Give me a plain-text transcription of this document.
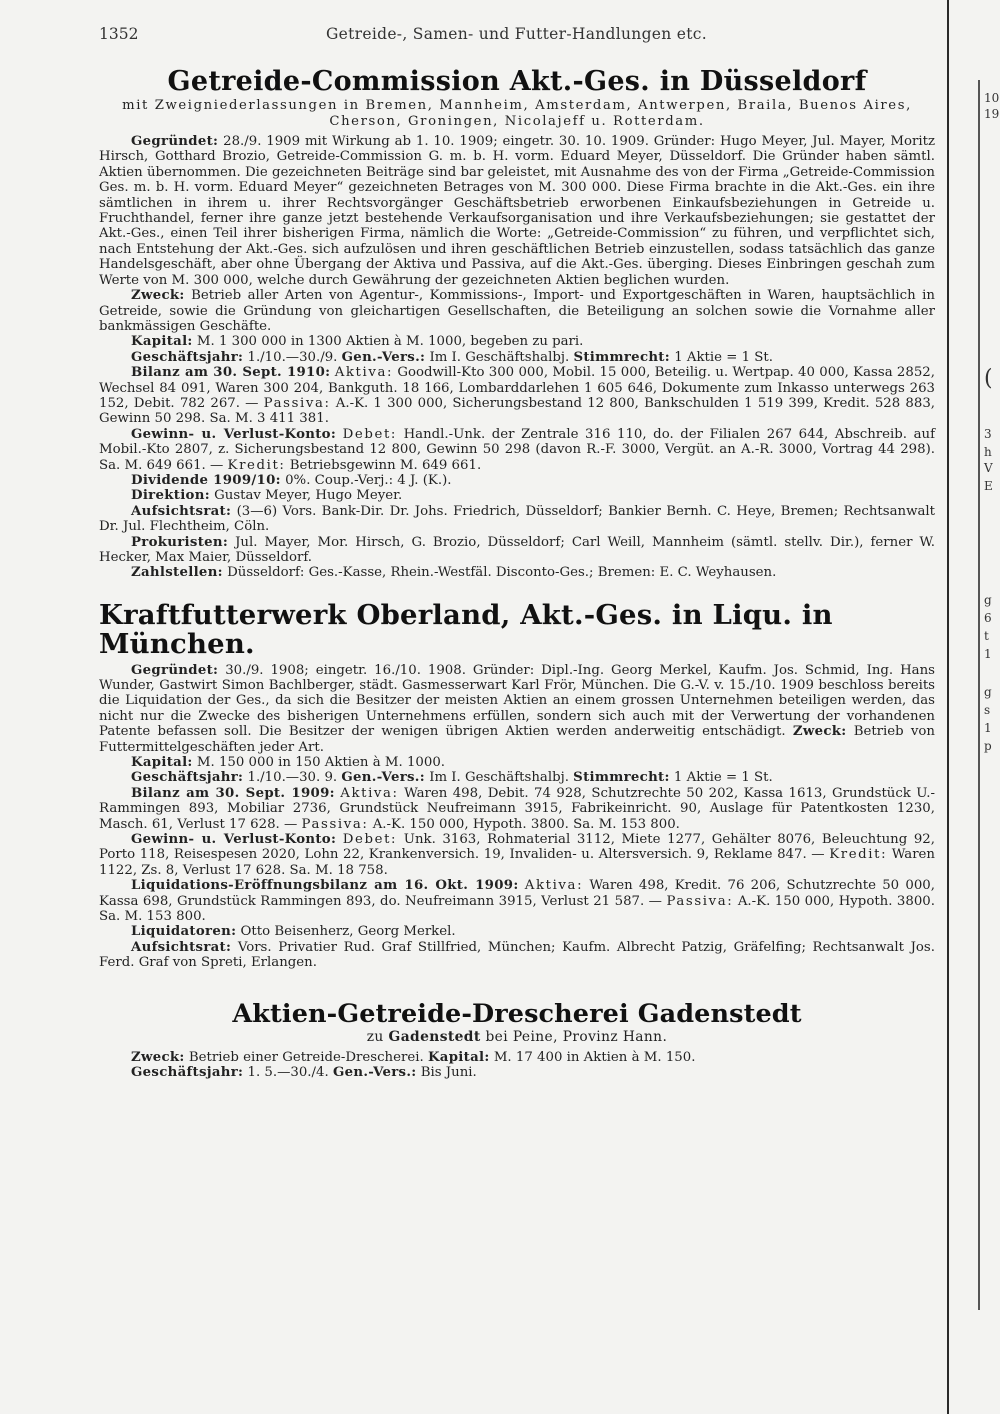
10
19
(
3
h
V
E
g
6
t
1
g
s
1
p
1352	Getreide-, Samen- und Futter-Handlungen etc.
Getreide-Commission Akt.-Ges. in Düsseldorf
mit Zweigniederlassungen in Bremen, Mannheim, Amsterdam, Antwerpen, Braila, Buenos Aires, Cherson, Groningen, Nicolajeff u. Rotterdam.

Gegründet: 28./9. 1909 mit Wirkung ab 1. 10. 1909; eingetr. 30. 10. 1909. Gründer: Hugo Meyer, Jul. Mayer, Moritz Hirsch, Gotthard Brozio, Getreide-Commission G. m. b. H. vorm. Eduard Meyer, Düsseldorf. Die Gründer haben sämtl. Aktien übernommen. Die gezeichneten Beiträge sind bar geleistet, mit Ausnahme des von der Firma „Getreide-Commission Ges. m. b. H. vorm. Eduard Meyer“ gezeichneten Betrages von M. 300 000. Diese Firma brachte in die Akt.-Ges. ein ihre sämtlichen in ihrem u. ihrer Rechtsvorgänger Geschäftsbetrieb erworbenen Einkaufsbeziehungen in Getreide u. Fruchthandel, ferner ihre ganze jetzt bestehende Verkaufsorganisation und ihre Verkaufsbeziehungen; sie gestattet der Akt.-Ges., einen Teil ihrer bisherigen Firma, nämlich die Worte: „Getreide-Commission“ zu führen, und verpflichtet sich, nach Entstehung der Akt.-Ges. sich aufzulösen und ihren geschäftlichen Betrieb einzustellen, sodass tatsächlich das ganze Handelsgeschäft, aber ohne Übergang der Aktiva und Passiva, auf die Akt.-Ges. überging. Dieses Einbringen geschah zum Werte von M. 300 000, welche durch Gewährung der gezeichneten Aktien beglichen wurden.

Zweck: Betrieb aller Arten von Agentur-, Kommissions-, Import- und Exportgeschäften in Waren, hauptsächlich in Getreide, sowie die Gründung von gleichartigen Gesellschaften, die Beteiligung an solchen sowie die Vornahme aller bankmässigen Geschäfte.

Kapital: M. 1 300 000 in 1300 Aktien à M. 1000, begeben zu pari.

Geschäftsjahr: 1./10.—30./9. Gen.-Vers.: Im I. Geschäftshalbj. Stimmrecht: 1 Aktie = 1 St.

Bilanz am 30. Sept. 1910: Aktiva: Goodwill-Kto 300 000, Mobil. 15 000, Beteilig. u. Wertpap. 40 000, Kassa 2852, Wechsel 84 091, Waren 300 204, Bankguth. 18 166, Lombarddarlehen 1 605 646, Dokumente zum Inkasso unterwegs 263 152, Debit. 782 267. — Passiva: A.-K. 1 300 000, Sicherungsbestand 12 800, Bankschulden 1 519 399, Kredit. 528 883, Gewinn 50 298. Sa. M. 3 411 381.

Gewinn- u. Verlust-Konto: Debet: Handl.-Unk. der Zentrale 316 110, do. der Filialen 267 644, Abschreib. auf Mobil.-Kto 2807, z. Sicherungsbestand 12 800, Gewinn 50 298 (davon R.-F. 3000, Vergüt. an A.-R. 3000, Vortrag 44 298). Sa. M. 649 661. — Kredit: Betriebsgewinn M. 649 661.

Dividende 1909/10: 0%. Coup.-Verj.: 4 J. (K.).

Direktion: Gustav Meyer, Hugo Meyer.

Aufsichtsrat: (3—6) Vors. Bank-Dir. Dr. Johs. Friedrich, Düsseldorf; Bankier Bernh. C. Heye, Bremen; Rechtsanwalt Dr. Jul. Flechtheim, Cöln.

Prokuristen: Jul. Mayer, Mor. Hirsch, G. Brozio, Düsseldorf; Carl Weill, Mannheim (sämtl. stellv. Dir.), ferner W. Hecker, Max Maier, Düsseldorf.

Zahlstellen: Düsseldorf: Ges.-Kasse, Rhein.-Westfäl. Disconto-Ges.; Bremen: E. C. Weyhausen.

Kraftfutterwerk Oberland, Akt.-Ges. in Liqu. in München.

Gegründet: 30./9. 1908; eingetr. 16./10. 1908. Gründer: Dipl.-Ing. Georg Merkel, Kaufm. Jos. Schmid, Ing. Hans Wunder, Gastwirt Simon Bachlberger, städt. Gasmesserwart Karl Frör, München. Die G.-V. v. 15./10. 1909 beschloss bereits die Liquidation der Ges., da sich die Besitzer der meisten Aktien an einem grossen Unternehmen beteiligen werden, das nicht nur die Zwecke des bisherigen Unternehmens erfüllen, sondern sich auch mit der Verwertung der vorhandenen Patente befassen soll. Die Besitzer der wenigen übrigen Aktien werden anderweitig entschädigt. Zweck: Betrieb von Futtermittelgeschäften jeder Art.

Kapital: M. 150 000 in 150 Aktien à M. 1000.

Geschäftsjahr: 1./10.—30. 9. Gen.-Vers.: Im I. Geschäftshalbj. Stimmrecht: 1 Aktie = 1 St.

Bilanz am 30. Sept. 1909: Aktiva: Waren 498, Debit. 74 928, Schutzrechte 50 202, Kassa 1613, Grundstück U.-Rammingen 893, Mobiliar 2736, Grundstück Neufreimann 3915, Fabrikeinricht. 90, Auslage für Patentkosten 1230, Masch. 61, Verlust 17 628. — Passiva: A.-K. 150 000, Hypoth. 3800. Sa. M. 153 800.

Gewinn- u. Verlust-Konto: Debet: Unk. 3163, Rohmaterial 3112, Miete 1277, Gehälter 8076, Beleuchtung 92, Porto 118, Reisespesen 2020, Lohn 22, Krankenversich. 19, Invaliden- u. Altersversich. 9, Reklame 847. — Kredit: Waren 1122, Zs. 8, Verlust 17 628. Sa. M. 18 758.

Liquidations-Eröffnungsbilanz am 16. Okt. 1909: Aktiva: Waren 498, Kredit. 76 206, Schutzrechte 50 000, Kassa 698, Grundstück Rammingen 893, do. Neufreimann 3915, Verlust 21 587. — Passiva: A.-K. 150 000, Hypoth. 3800. Sa. M. 153 800.

Liquidatoren: Otto Beisenherz, Georg Merkel.

Aufsichtsrat: Vors. Privatier Rud. Graf Stillfried, München; Kaufm. Albrecht Patzig, Gräfelfing; Rechtsanwalt Jos. Ferd. Graf von Spreti, Erlangen.

Aktien-Getreide-Drescherei Gadenstedt
zu Gadenstedt bei Peine, Provinz Hann.

Zweck: Betrieb einer Getreide-Drescherei. Kapital: M. 17 400 in Aktien à M. 150.

Geschäftsjahr: 1. 5.—30./4. Gen.-Vers.: Bis Juni.
